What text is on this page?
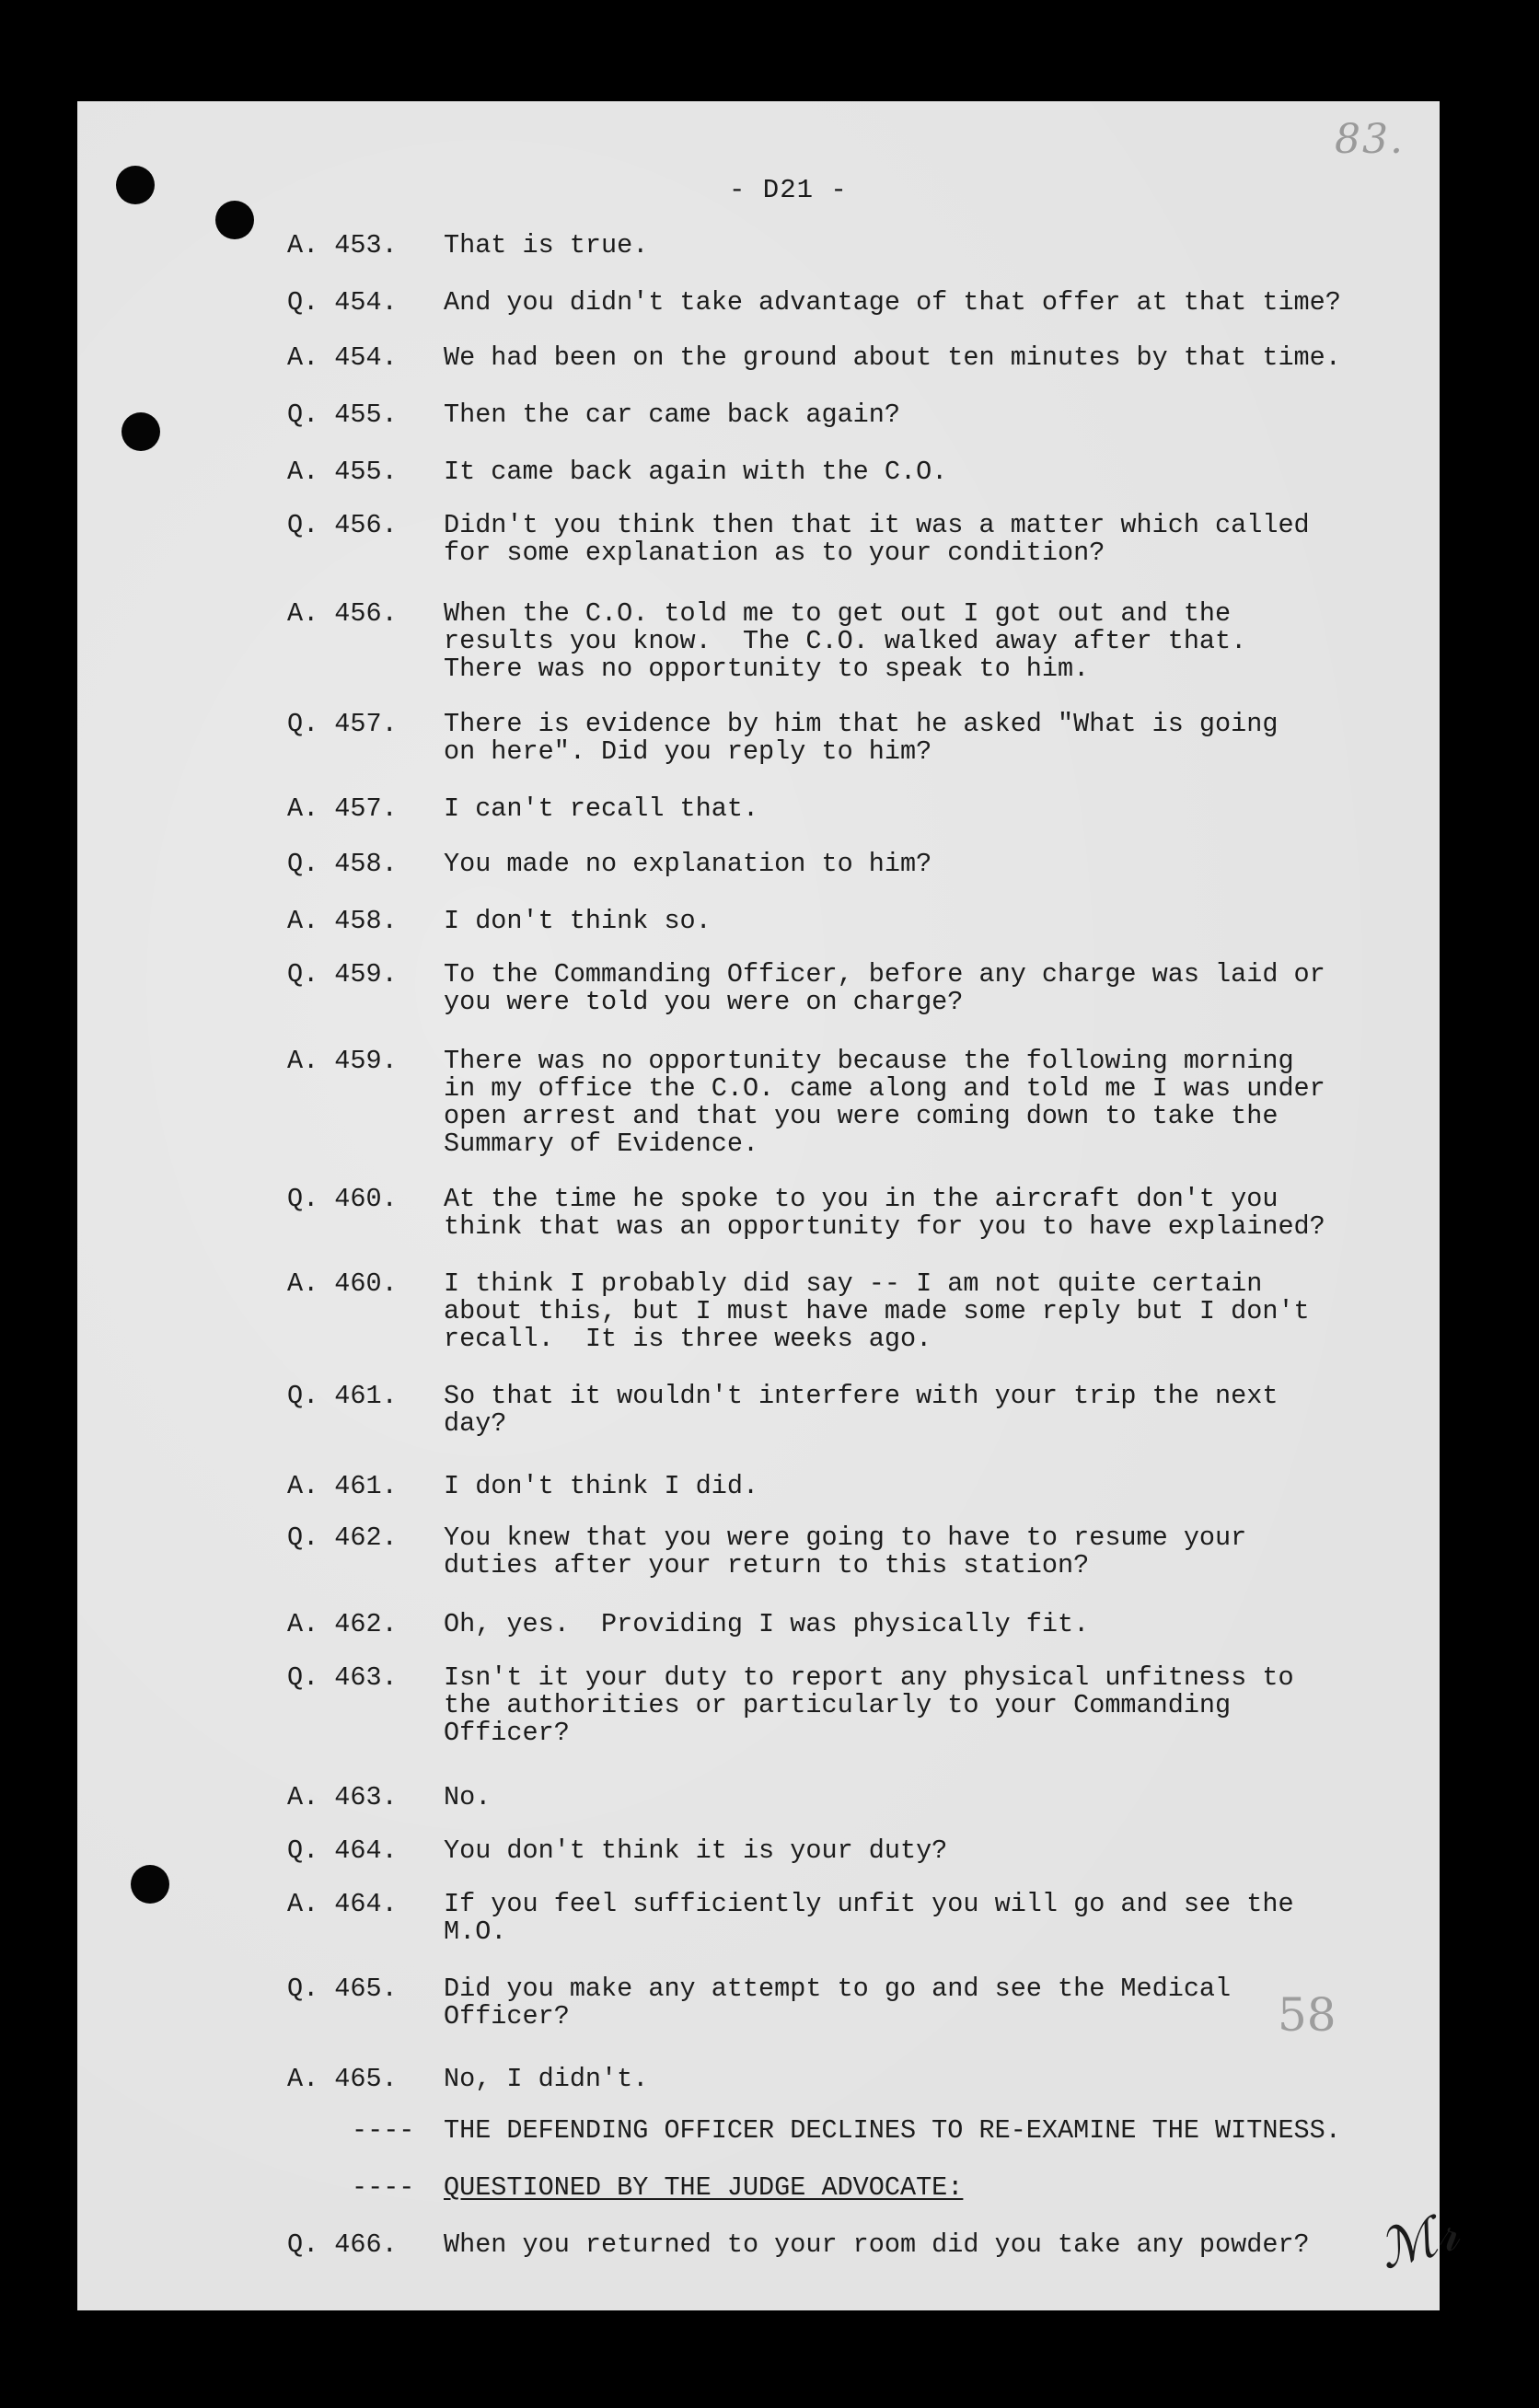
83.
- D21 -
A. 453.	That is true.
Q. 454.	And you didn't take advantage of that offer at that time?
A. 454.	We had been on the ground about ten minutes by that time.
Q. 455.	Then the car came back again?
A. 455.	It came back again with the C.O.
Q. 456.	Didn't you think then that it was a matter which called
for some explanation as to your condition?
A. 456.	When the C.O. told me to get out I got out and the
results you know.  The C.O. walked away after that.
There was no opportunity to speak to him.
Q. 457.	There is evidence by him that he asked "What is going
on here". Did you reply to him?
A. 457.	I can't recall that.
Q. 458.	You made no explanation to him?
A. 458.	I don't think so.
Q. 459.	To the Commanding Officer, before any charge was laid or
you were told you were on charge?
A. 459.	There was no opportunity because the following morning
in my office the C.O. came along and told me I was under
open arrest and that you were coming down to take the
Summary of Evidence.
Q. 460.	At the time he spoke to you in the aircraft don't you
think that was an opportunity for you to have explained?
A. 460.	I think I probably did say -- I am not quite certain
about this, but I must have made some reply but I don't
recall.  It is three weeks ago.
Q. 461.	So that it wouldn't interfere with your trip the next
day?
A. 461.	I don't think I did.
Q. 462.	You knew that you were going to have to resume your
duties after your return to this station?
A. 462.	Oh, yes.  Providing I was physically fit.
Q. 463.	Isn't it your duty to report any physical unfitness to
the authorities or particularly to your Commanding
Officer?
A. 463.	No.
Q. 464.	You don't think it is your duty?
A. 464.	If you feel sufficiently unfit you will go and see the
M.O.
Q. 465.	Did you make any attempt to go and see the Medical
Officer?
A. 465.	No, I didn't.
----	THE DEFENDING OFFICER DECLINES TO RE-EXAMINE THE WITNESS.
----	QUESTIONED BY THE JUDGE ADVOCATE:
Q. 466.	When you returned to your room did you take any powder?
58
ℳ𝓇
